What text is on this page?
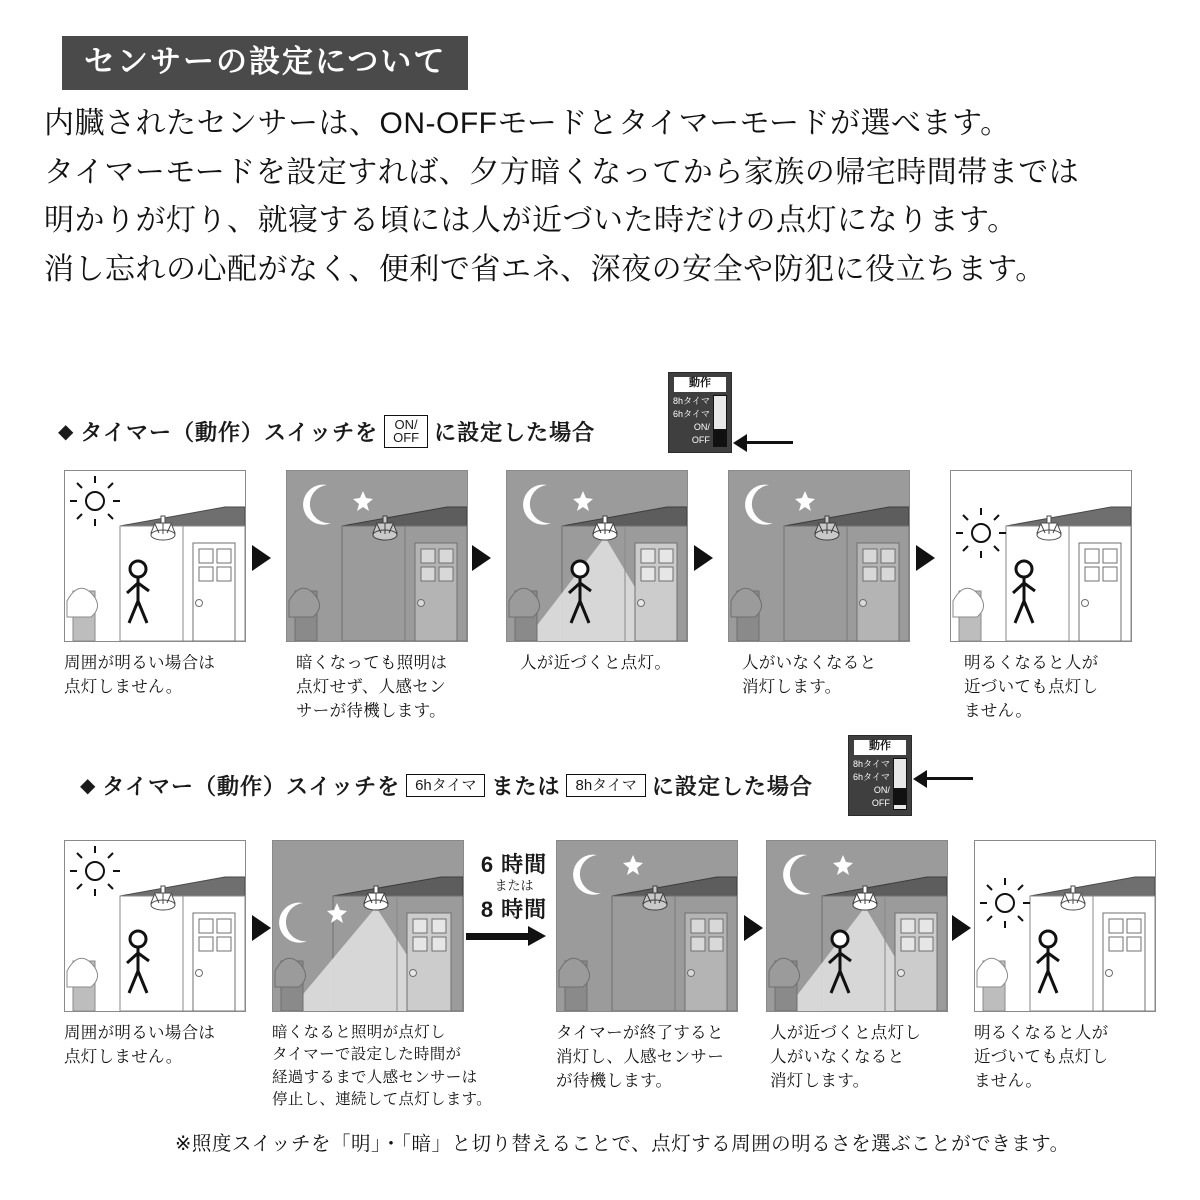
センサーの設定について
内臓されたセンサーは、ON-OFFモードとタイマーモードが選べます。
タイマーモードを設定すれば、夕方暗くなってから家族の帰宅時間帯までは
明かりが灯り、就寝する頃には人が近づいた時だけの点灯になります。
消し忘れの心配がなく、便利で省エネ、深夜の安全や防犯に役立ちます。
◆ タイマー（動作）スイッチを ON/
OFF に設定した場合
動作
8hタイマ
6hタイマ
ON/
OFF
周囲が明るい場合は
点灯しません。
暗くなっても照明は
点灯せず、人感セン
サーが待機します。
人が近づくと点灯。	人がいなくなると
消灯します。
明るくなると人が
近づいても点灯し
ません。
◆ タイマー（動作）スイッチを	6hタイマ または	8hタイマ に設定した場合
動作
8hタイマ
6hタイマ
ON/
OFF
周囲が明るい場合は
点灯しません。
暗くなると照明が点灯し
タイマーで設定した時間が
経過するまで人感センサーは
停止し、連続して点灯します。
6 時間
または
8 時間
タイマーが終了すると
消灯し、人感センサー
が待機します。
人が近づくと点灯し
人がいなくなると
消灯します。
明るくなると人が
近づいても点灯し
ません。
※照度スイッチを「明」・「暗」と切り替えることで、点灯する周囲の明るさを選ぶことができます。
